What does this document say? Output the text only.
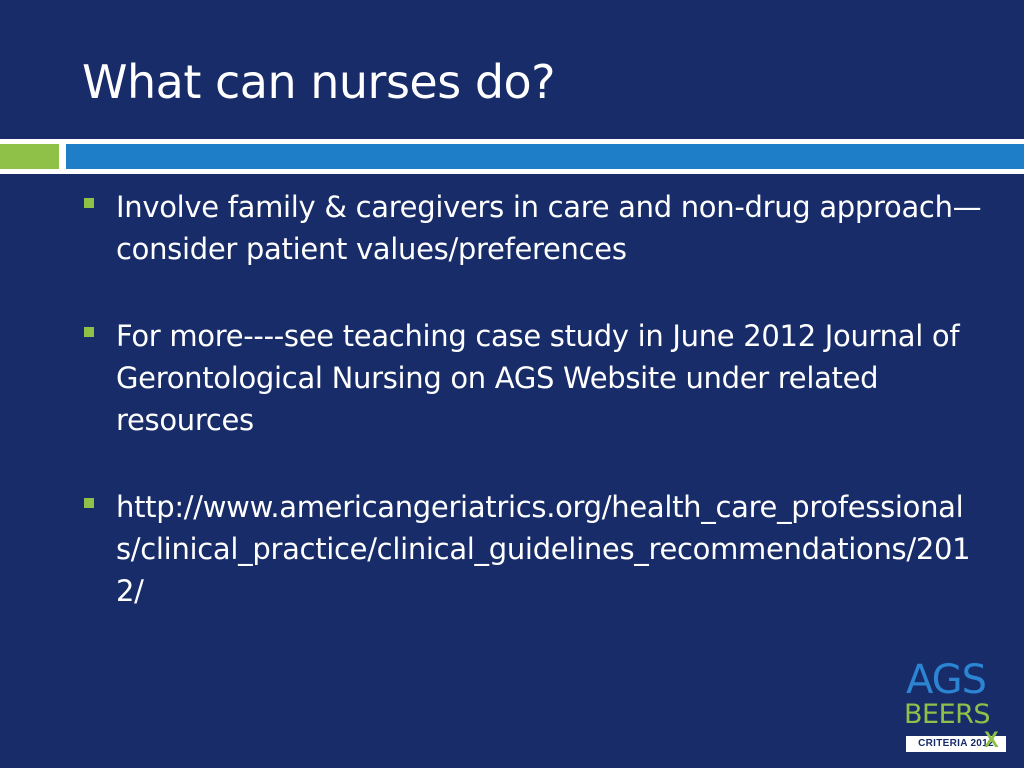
What can nurses do?
Involve family & caregivers in care and non-drug approach—consider patient values/preferences
For more----see teaching case study in June 2012 Journal of Gerontological Nursing on AGS Website under related resources
http://www.americangeriatrics.org/health_care_professionals/clinical_practice/clinical_guidelines_recommendations/2012/
AGS
BEERS
CRITERIA 2012
X
